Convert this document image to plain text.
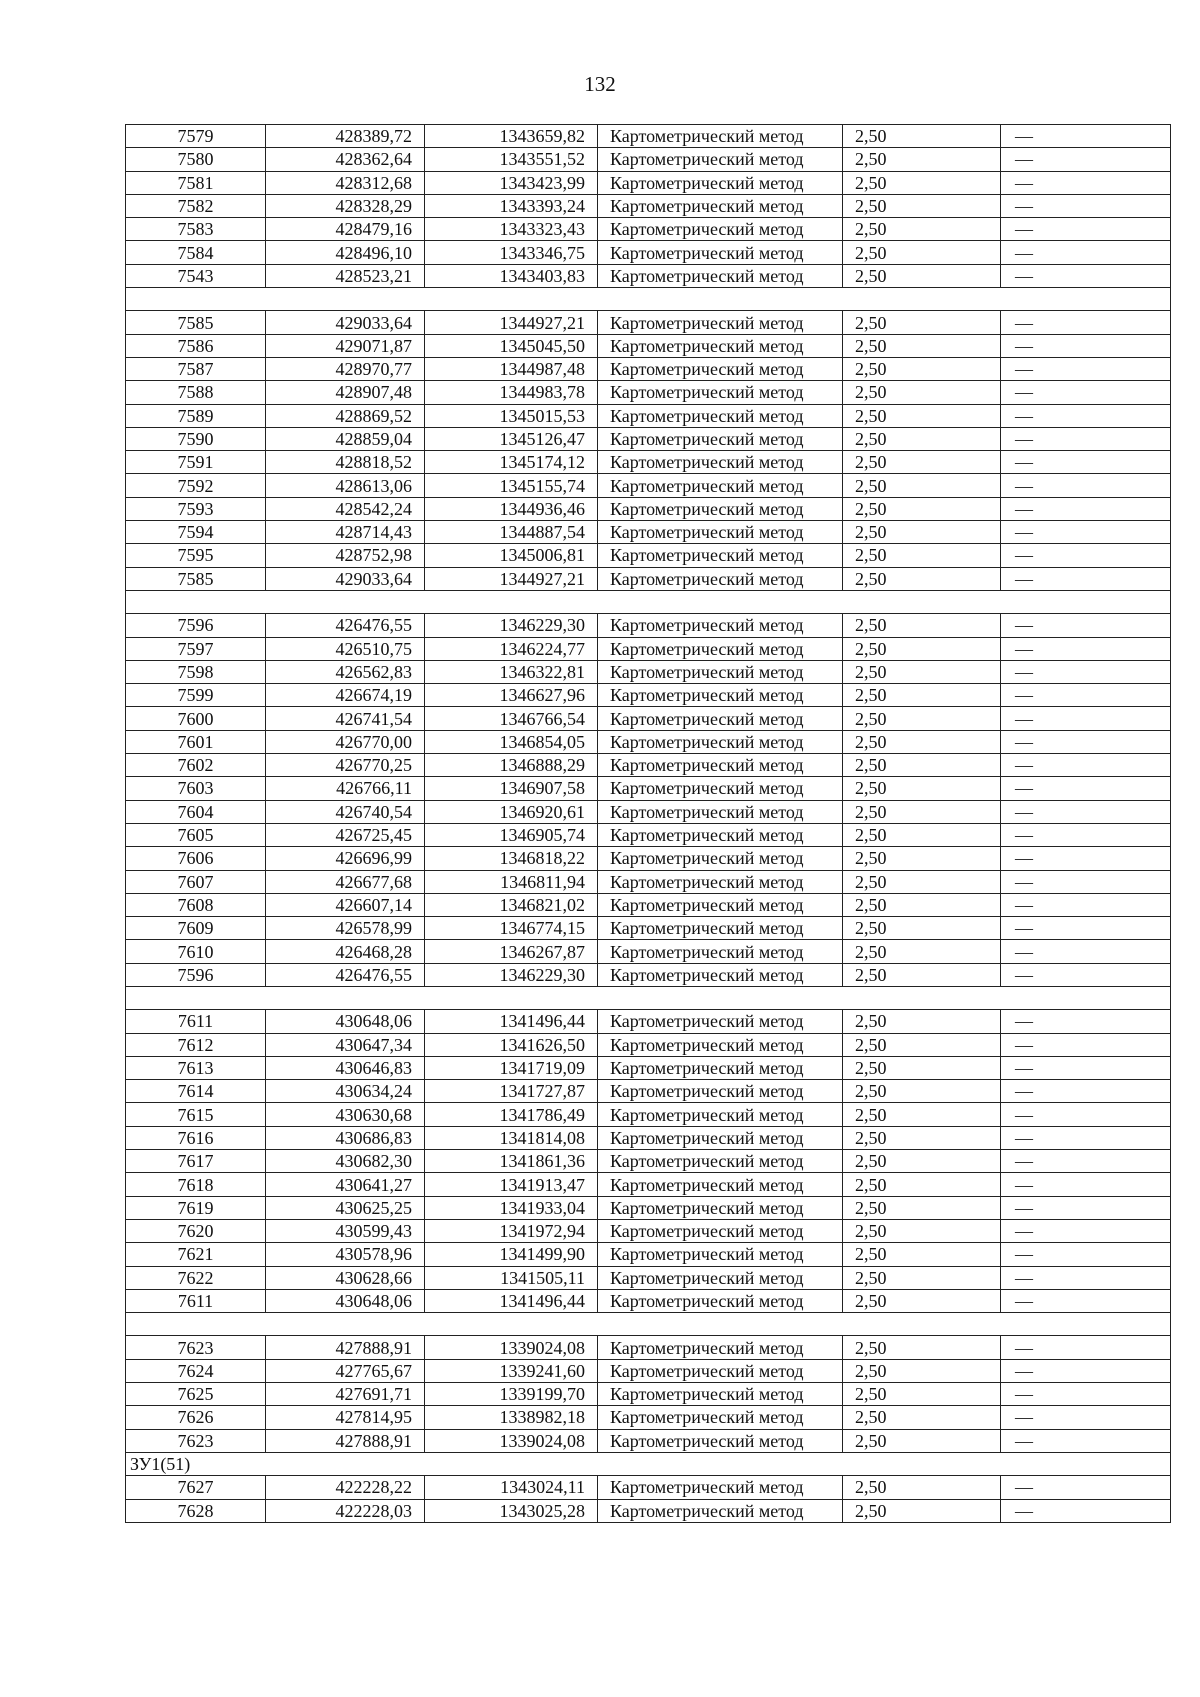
132
7579	428389,72	1343659,82	Картометрический метод	2,50	—
7580	428362,64	1343551,52	Картометрический метод	2,50	—
7581	428312,68	1343423,99	Картометрический метод	2,50	—
7582	428328,29	1343393,24	Картометрический метод	2,50	—
7583	428479,16	1343323,43	Картометрический метод	2,50	—
7584	428496,10	1343346,75	Картометрический метод	2,50	—
7543	428523,21	1343403,83	Картометрический метод	2,50	—

7585	429033,64	1344927,21	Картометрический метод	2,50	—
7586	429071,87	1345045,50	Картометрический метод	2,50	—
7587	428970,77	1344987,48	Картометрический метод	2,50	—
7588	428907,48	1344983,78	Картометрический метод	2,50	—
7589	428869,52	1345015,53	Картометрический метод	2,50	—
7590	428859,04	1345126,47	Картометрический метод	2,50	—
7591	428818,52	1345174,12	Картометрический метод	2,50	—
7592	428613,06	1345155,74	Картометрический метод	2,50	—
7593	428542,24	1344936,46	Картометрический метод	2,50	—
7594	428714,43	1344887,54	Картометрический метод	2,50	—
7595	428752,98	1345006,81	Картометрический метод	2,50	—
7585	429033,64	1344927,21	Картометрический метод	2,50	—

7596	426476,55	1346229,30	Картометрический метод	2,50	—
7597	426510,75	1346224,77	Картометрический метод	2,50	—
7598	426562,83	1346322,81	Картометрический метод	2,50	—
7599	426674,19	1346627,96	Картометрический метод	2,50	—
7600	426741,54	1346766,54	Картометрический метод	2,50	—
7601	426770,00	1346854,05	Картометрический метод	2,50	—
7602	426770,25	1346888,29	Картометрический метод	2,50	—
7603	426766,11	1346907,58	Картометрический метод	2,50	—
7604	426740,54	1346920,61	Картометрический метод	2,50	—
7605	426725,45	1346905,74	Картометрический метод	2,50	—
7606	426696,99	1346818,22	Картометрический метод	2,50	—
7607	426677,68	1346811,94	Картометрический метод	2,50	—
7608	426607,14	1346821,02	Картометрический метод	2,50	—
7609	426578,99	1346774,15	Картометрический метод	2,50	—
7610	426468,28	1346267,87	Картометрический метод	2,50	—
7596	426476,55	1346229,30	Картометрический метод	2,50	—

7611	430648,06	1341496,44	Картометрический метод	2,50	—
7612	430647,34	1341626,50	Картометрический метод	2,50	—
7613	430646,83	1341719,09	Картометрический метод	2,50	—
7614	430634,24	1341727,87	Картометрический метод	2,50	—
7615	430630,68	1341786,49	Картометрический метод	2,50	—
7616	430686,83	1341814,08	Картометрический метод	2,50	—
7617	430682,30	1341861,36	Картометрический метод	2,50	—
7618	430641,27	1341913,47	Картометрический метод	2,50	—
7619	430625,25	1341933,04	Картометрический метод	2,50	—
7620	430599,43	1341972,94	Картометрический метод	2,50	—
7621	430578,96	1341499,90	Картометрический метод	2,50	—
7622	430628,66	1341505,11	Картометрический метод	2,50	—
7611	430648,06	1341496,44	Картометрический метод	2,50	—

7623	427888,91	1339024,08	Картометрический метод	2,50	—
7624	427765,67	1339241,60	Картометрический метод	2,50	—
7625	427691,71	1339199,70	Картометрический метод	2,50	—
7626	427814,95	1338982,18	Картометрический метод	2,50	—
7623	427888,91	1339024,08	Картометрический метод	2,50	—
ЗУ1(51)					
7627	422228,22	1343024,11	Картометрический метод	2,50	—
7628	422228,03	1343025,28	Картометрический метод	2,50	—
